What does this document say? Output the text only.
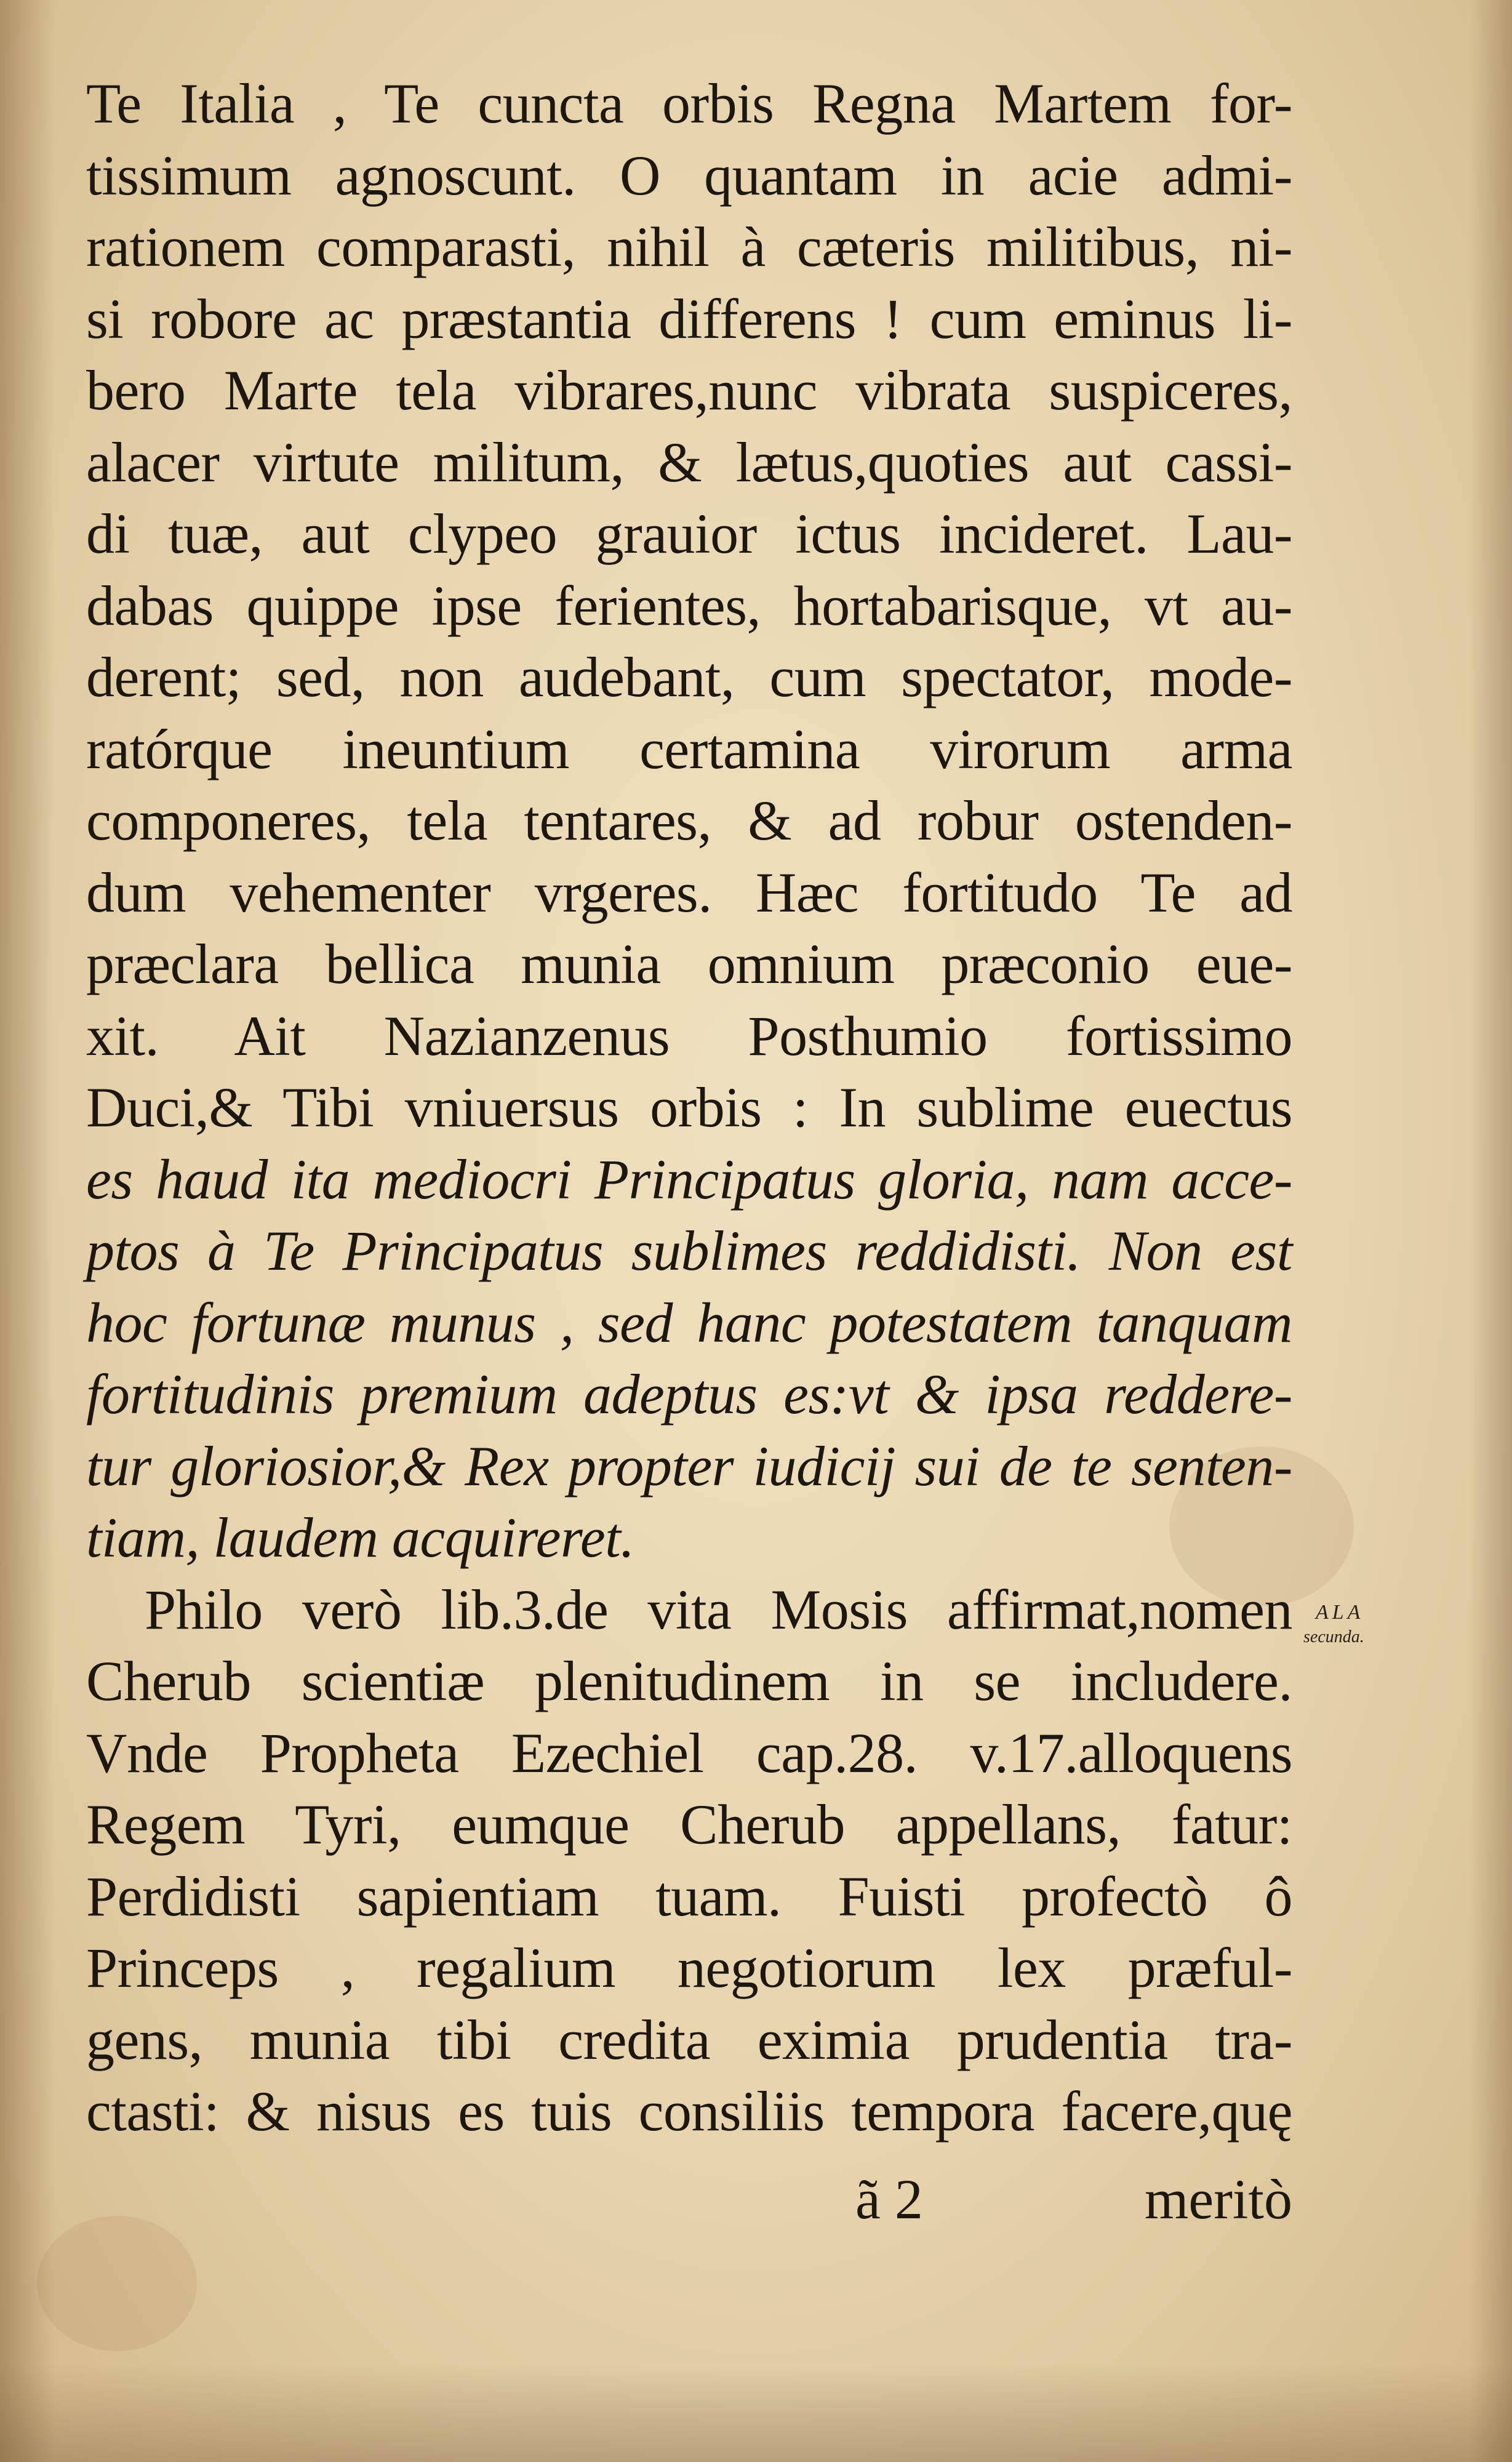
Te Italia , Te cuncta orbis Regna Martem for-
tissimum agnoscunt. O quantam in acie admi-
rationem comparasti, nihil à cæteris militibus, ni-
si robore ac præstantia differens ! cum eminus li-
bero Marte tela vibrares,nunc vibrata suspiceres,
alacer virtute militum, & lætus,quoties aut cassi-
di tuæ, aut clypeo grauior ictus incideret. Lau-
dabas quippe ipse ferientes, hortabarisque, vt au-
derent; sed, non audebant, cum spectator, mode-
ratórque ineuntium certamina virorum arma
componeres, tela tentares, & ad robur ostenden-
dum vehementer vrgeres. Hæc fortitudo Te ad
præclara bellica munia omnium præconio eue-
xit. Ait Nazianzenus Posthumio fortissimo
Duci,& Tibi vniuersus orbis : In sublime euectus
es haud ita mediocri Principatus gloria, nam acce-
ptos à Te Principatus sublimes reddidisti. Non est
hoc fortunæ munus , sed hanc potestatem tanquam
fortitudinis premium adeptus es:vt & ipsa reddere-
tur gloriosior,& Rex propter iudicij sui de te senten-
tiam, laudem acquireret.
Philo verò lib.3.de vita Mosis affirmat,nomen
Cherub scientiæ plenitudinem in se includere.
Vnde Propheta Ezechiel cap.28. v.17.alloquens
Regem Tyri, eumque Cherub appellans, fatur:
Perdidisti sapientiam tuam. Fuisti profectò ô
Princeps , regalium negotiorum lex præful-
gens, munia tibi credita eximia prudentia tra-
ctasti: & nisus es tuis consiliis tempora facere,quę
ALA
secunda.
ã 2	meritò
